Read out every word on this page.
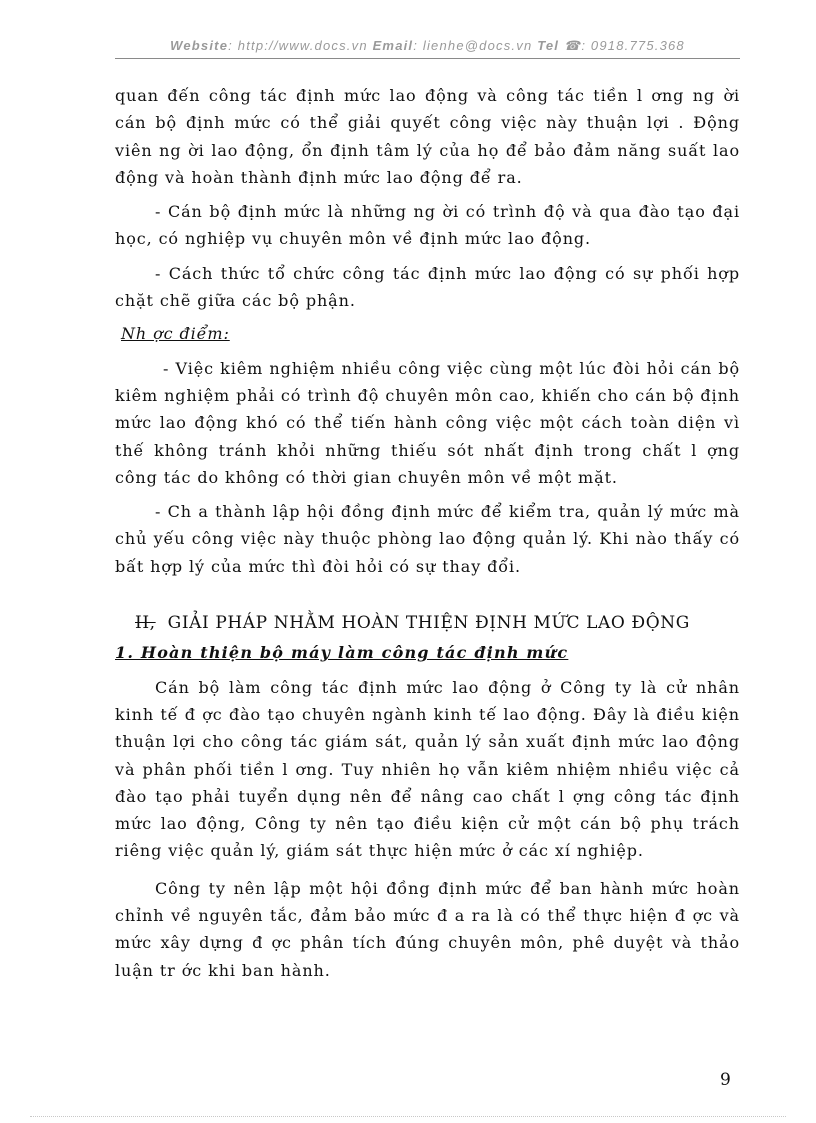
Website: http://www.docs.vn Email: lienhe@docs.vn Tel ☎: 0918.775.368

quan đến công tác định mức lao động và công tác tiền l ơng ng ời cán bộ định mức có thể giải quyết công việc này thuận lợi . Động viên ng ời lao động, ổn định tâm lý của họ để bảo đảm năng suất lao động và hoàn thành định mức lao động để ra.

- Cán bộ định mức là những ng ời có trình độ và qua đào tạo đại học, có nghiệp vụ chuyên môn về định mức lao động.

- Cách thức tổ chức công tác định mức lao động có sự phối hợp chặt chẽ giữa các bộ phận.

Nh ợc điểm:

- Việc kiêm nghiệm nhiều công việc cùng một lúc đòi hỏi cán bộ kiêm nghiệm phải có trình độ chuyên môn cao, khiến cho cán bộ định mức lao động khó có thể tiến hành công việc một cách toàn diện vì thế không tránh khỏi những thiếu sót nhất định trong chất l ợng công tác do không có thời gian chuyên môn về một mặt.

- Ch a thành lập hội đồng định mức để kiểm tra, quản lý mức mà chủ yếu công việc này thuộc phòng lao động quản lý. Khi nào thấy có bất hợp lý của mức thì đòi hỏi có sự thay đổi.

II, GIẢI PHÁP NHẰM HOÀN THIỆN ĐỊNH MỨC LAO ĐỘNG

1. Hoàn thiện bộ máy làm công tác định mức

Cán bộ làm công tác định mức lao động ở Công ty là cử nhân kinh tế đ ợc đào tạo chuyên ngành kinh tế lao động. Đây là điều kiện thuận lợi cho công tác giám sát, quản lý sản xuất định mức lao động và phân phối tiền l ơng. Tuy nhiên họ vẫn kiêm nhiệm nhiều việc cả đào tạo phải tuyển dụng nên để nâng cao chất l ợng công tác định mức lao động, Công ty nên tạo điều kiện cử một cán bộ phụ trách riêng việc quản lý, giám sát thực hiện mức ở các xí nghiệp.

Công ty nên lập một hội đồng định mức để ban hành mức hoàn chỉnh về nguyên tắc, đảm bảo mức đ a ra là có thể thực hiện đ ợc và mức xây dựng đ ợc phân tích đúng chuyên môn, phê duyệt và thảo luận tr ớc khi ban hành.

9
